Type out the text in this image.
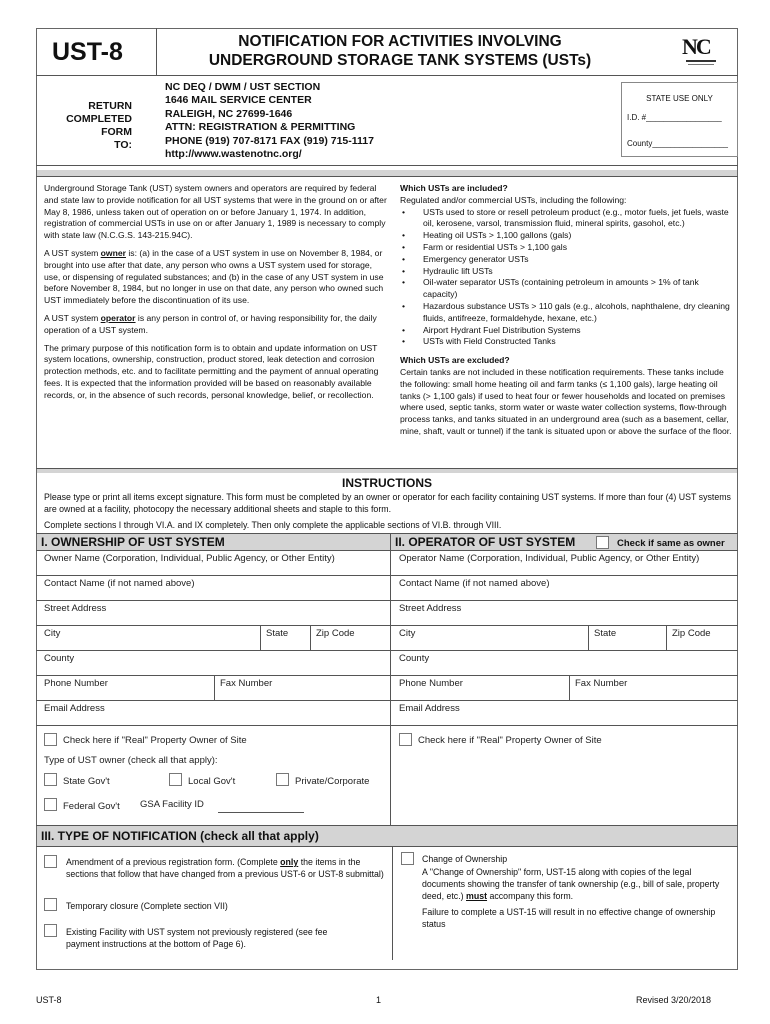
UST-8	NOTIFICATION FOR ACTIVITIES INVOLVING
UNDERGROUND STORAGE TANK SYSTEMS (USTs)
NC
RETURN
COMPLETED
FORM
TO:
NC DEQ / DWM / UST SECTION
1646 MAIL SERVICE CENTER
RALEIGH, NC 27699-1646
ATTN: REGISTRATION & PERMITTING
PHONE (919) 707-8171 FAX (919) 715-1117
http://www.wastenotnc.org/
STATE USE ONLY
I.D. #_________________
County_________________

Underground Storage Tank (UST) system owners and operators are required by federal and state law to provide notification for all UST systems that were in the ground on or after May 8, 1986, unless taken out of operation on or before January 1, 1974. In addition, registration of commercial USTs in use on or after January 1, 1989 is necessary to comply with state law (N.C.G.S. 143-215.94C).

A UST system owner is: (a) in the case of a UST system in use on November 8, 1984, or brought into use after that date, any person who owns a UST system used for storage, use, or dispensing of regulated substances; and (b) in the case of any UST system in use before November 8, 1984, but no longer in use on that date, any person who owned such UST immediately before the discontinuation of its use.

A UST system operator is any person in control of, or having responsibility for, the daily operation of a UST system.

The primary purpose of this notification form is to obtain and update information on UST system locations, ownership, construction, product stored, leak detection and corrosion protection methods, etc. and to facilitate permitting and the payment of annual operating fees. It is expected that the information provided will be based on reasonably available records, or, in the absence of such records, personal knowledge, belief, or recollection.

Which USTs are included?
Regulated and/or commercial USTs, including the following:
• USTs used to store or resell petroleum product (e.g., motor fuels, jet fuels, waste oil, kerosene, varsol, transmission fluid, mineral spirits, gasohol, etc.)
• Heating oil USTs > 1,100 gallons (gals)
• Farm or residential USTs > 1,100 gals
• Emergency generator USTs
• Hydraulic lift USTs
• Oil-water separator USTs (containing petroleum in amounts > 1% of tank capacity)
• Hazardous substance USTs > 110 gals (e.g., alcohols, naphthalene, dry cleaning fluids, antifreeze, formaldehyde, hexane, etc.)
• Airport Hydrant Fuel Distribution Systems
• USTs with Field Constructed Tanks
Which USTs are excluded?
Certain tanks are not included in these notification requirements. These tanks include the following: small home heating oil and farm tanks (≤ 1,100 gals), large heating oil tanks (> 1,100 gals) if used to heat four or fewer households and located on premises where used, septic tanks, storm water or waste water collection systems, flow-through process tanks, and tanks situated in an underground area (such as a basement, cellar, mine, shaft, vault or tunnel) if the tank is situated upon or above the surface of the floor.
INSTRUCTIONS
Please type or print all items except signature. This form must be completed by an owner or operator for each facility containing UST systems. If more than four (4) UST systems are owned at a facility, photocopy the necessary additional sheets and staple to this form.
Complete sections I through VI.A. and IX completely. Then only complete the applicable sections of VI.B. through VIII.
I. OWNERSHIP OF UST SYSTEM	II. OPERATOR OF UST SYSTEM	Check if same as owner
Owner Name (Corporation, Individual, Public Agency, or Other Entity)
Contact Name (if not named above)
Street Address
City	State	Zip Code
County
Phone Number	Fax Number
Email Address
Check here if "Real" Property Owner of Site
Type of UST owner (check all that apply):
State Gov't	Local Gov't	Private/Corporate
Federal Gov't GSA Facility ID
Operator Name (Corporation, Individual, Public Agency, or Other Entity)
Contact Name (if not named above)
Street Address
City	State	Zip Code
County
Phone Number	Fax Number
Email Address
Check here if "Real" Property Owner of Site
III. TYPE OF NOTIFICATION (check all that apply)
Amendment of a previous registration form. (Complete only the items in the sections that follow that have changed from a previous UST-6 or UST-8 submittal)
Temporary closure (Complete section VII)
Existing Facility with UST system not previously registered (see fee payment instructions at the bottom of Page 6).
Change of Ownership
A "Change of Ownership" form, UST-15 along with copies of the legal documents showing the transfer of tank ownership (e.g., bill of sale, property deed, etc.) must accompany this form.
Failure to complete a UST-15 will result in no effective change of ownership status
UST-8	1	Revised 3/20/2018
